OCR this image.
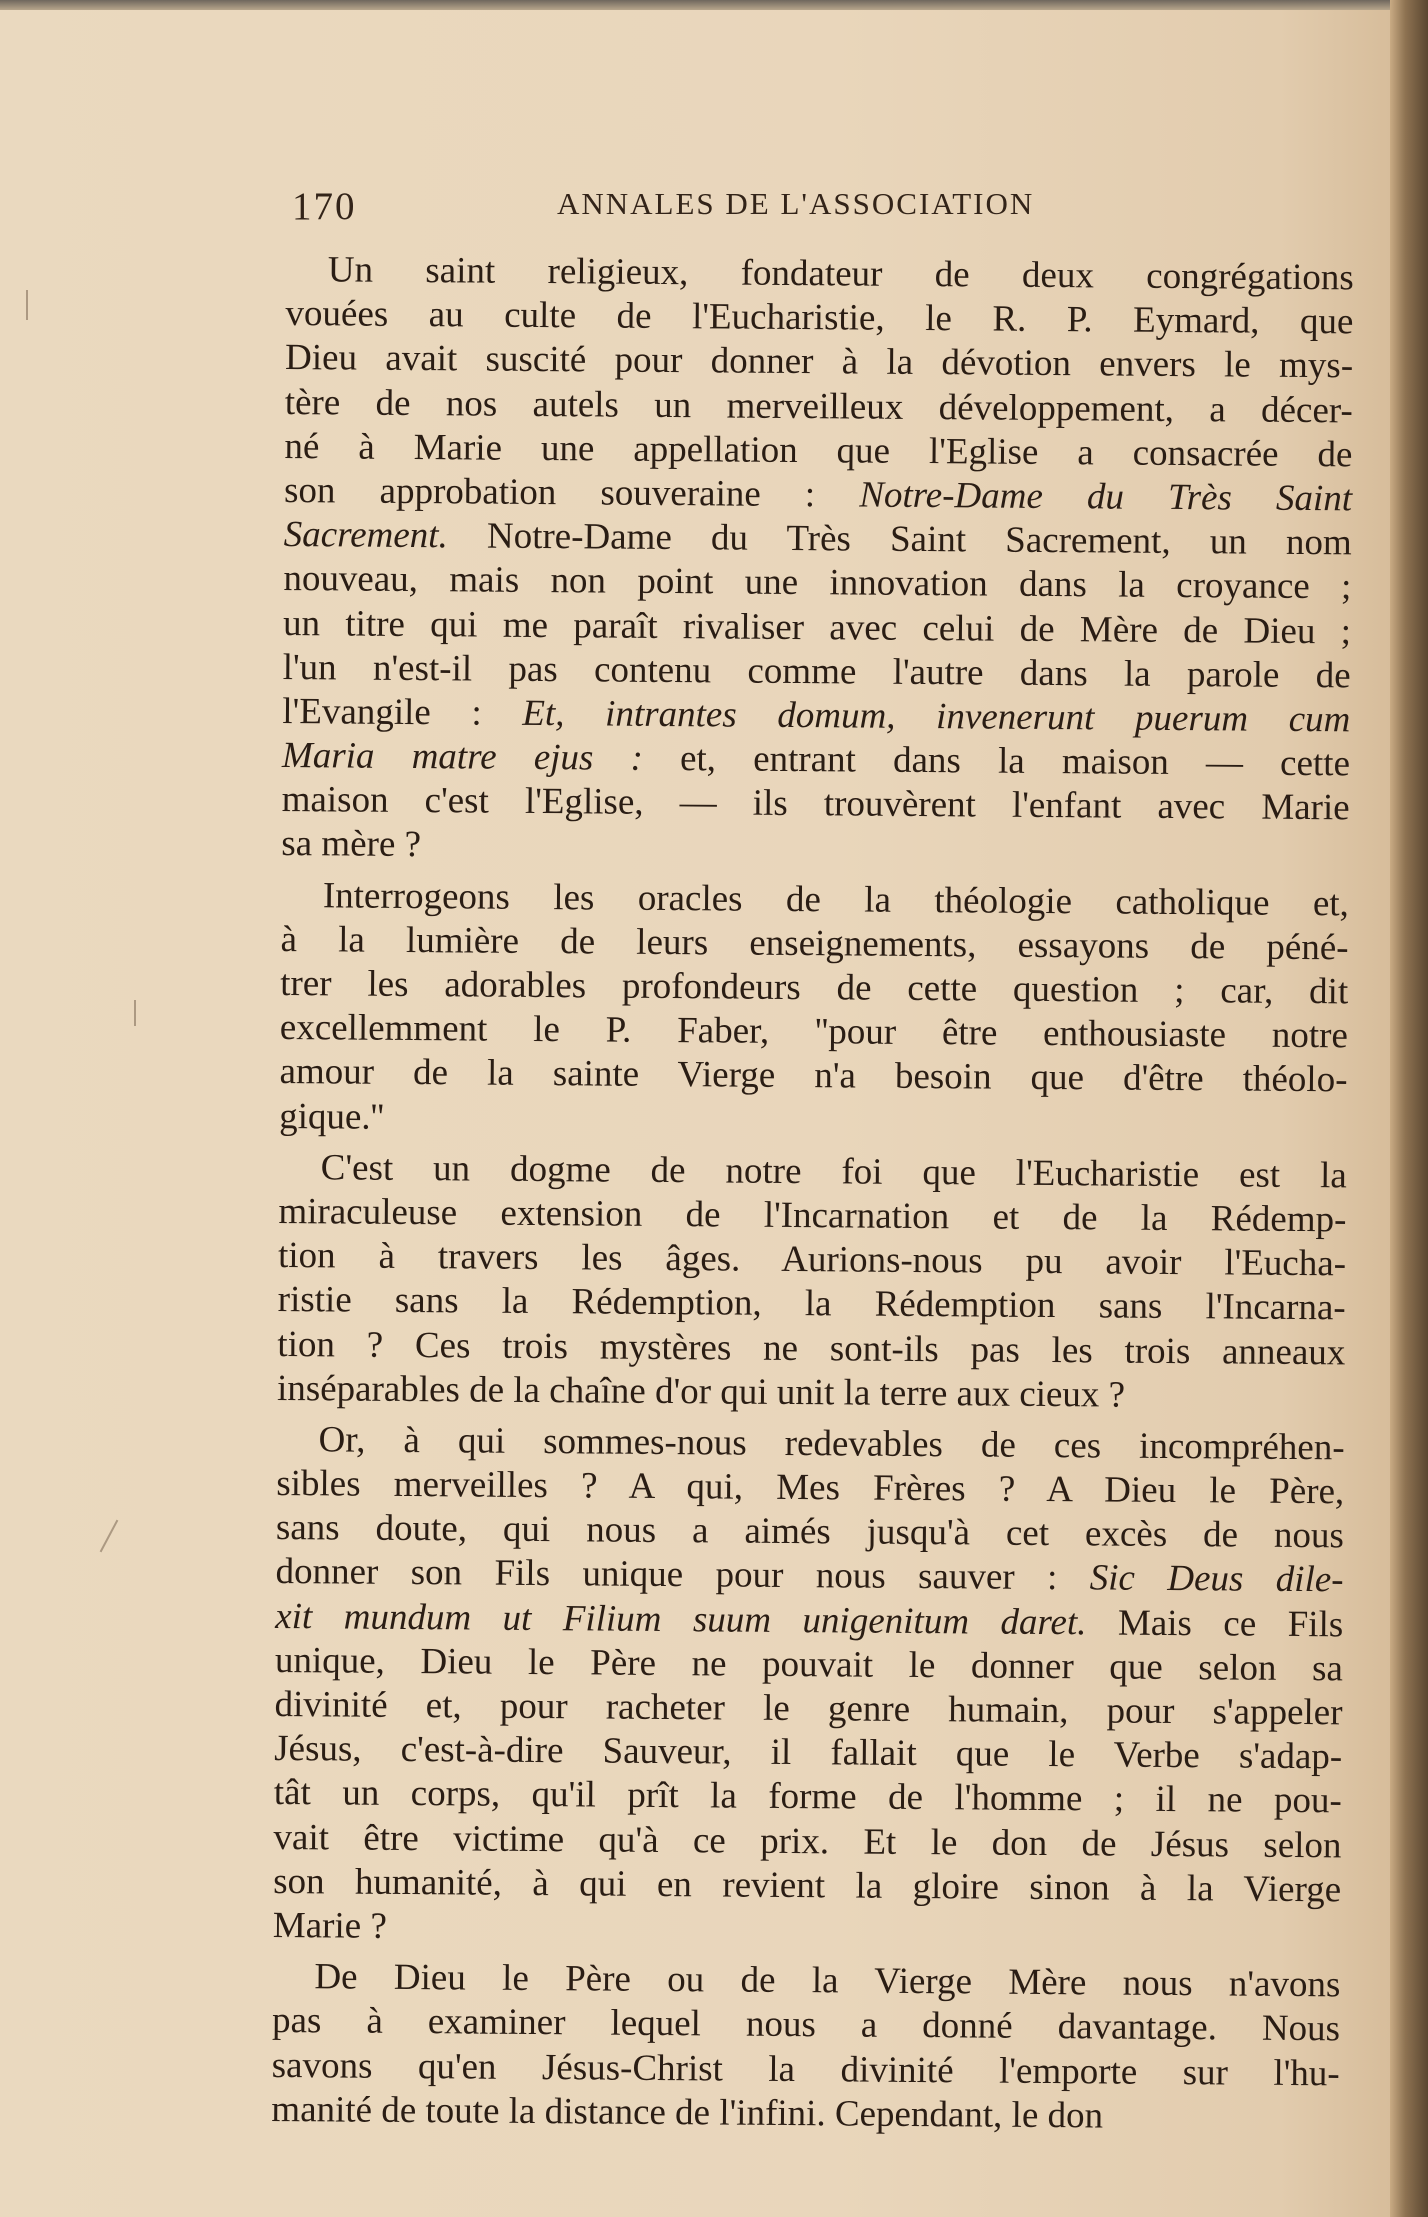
170	ANNALES DE L'ASSOCIATION
Un saint religieux, fondateur de deux congrégations
vouées au culte de l'Eucharistie, le R. P. Eymard, que
Dieu avait suscité pour donner à la dévotion envers le mys-
tère de nos autels un merveilleux développement, a décer-
né à Marie une appellation que l'Eglise a consacrée de
son approbation souveraine : Notre-Dame du Très Saint
Sacrement. Notre-Dame du Très Saint Sacrement, un nom
nouveau, mais non point une innovation dans la croyance ;
un titre qui me paraît rivaliser avec celui de Mère de Dieu ;
l'un n'est-il pas contenu comme l'autre dans la parole de
l'Evangile : Et, intrantes domum, invenerunt puerum cum
Maria matre ejus : et, entrant dans la maison — cette
maison c'est l'Eglise, — ils trouvèrent l'enfant avec Marie
sa mère ?
Interrogeons les oracles de la théologie catholique et,
à la lumière de leurs enseignements, essayons de péné-
trer les adorables profondeurs de cette question ; car, dit
excellemment le P. Faber, ''pour être enthousiaste notre
amour de la sainte Vierge n'a besoin que d'être théolo-
gique.''
C'est un dogme de notre foi que l'Eucharistie est la
miraculeuse extension de l'Incarnation et de la Rédemp-
tion à travers les âges. Aurions-nous pu avoir l'Eucha-
ristie sans la Rédemption, la Rédemption sans l'Incarna-
tion ? Ces trois mystères ne sont-ils pas les trois anneaux
inséparables de la chaîne d'or qui unit la terre aux cieux ?
Or, à qui sommes-nous redevables de ces incompréhen-
sibles merveilles ? A qui, Mes Frères ? A Dieu le Père,
sans doute, qui nous a aimés jusqu'à cet excès de nous
donner son Fils unique pour nous sauver : Sic Deus dile-
xit mundum ut Filium suum unigenitum daret. Mais ce Fils
unique, Dieu le Père ne pouvait le donner que selon sa
divinité et, pour racheter le genre humain, pour s'appeler
Jésus, c'est-à-dire Sauveur, il fallait que le Verbe s'adap-
tât un corps, qu'il prît la forme de l'homme ; il ne pou-
vait être victime qu'à ce prix. Et le don de Jésus selon
son humanité, à qui en revient la gloire sinon à la Vierge
Marie ?
De Dieu le Père ou de la Vierge Mère nous n'avons
pas à examiner lequel nous a donné davantage. Nous
savons qu'en Jésus-Christ la divinité l'emporte sur l'hu-
manité de toute la distance de l'infini. Cependant, le don
